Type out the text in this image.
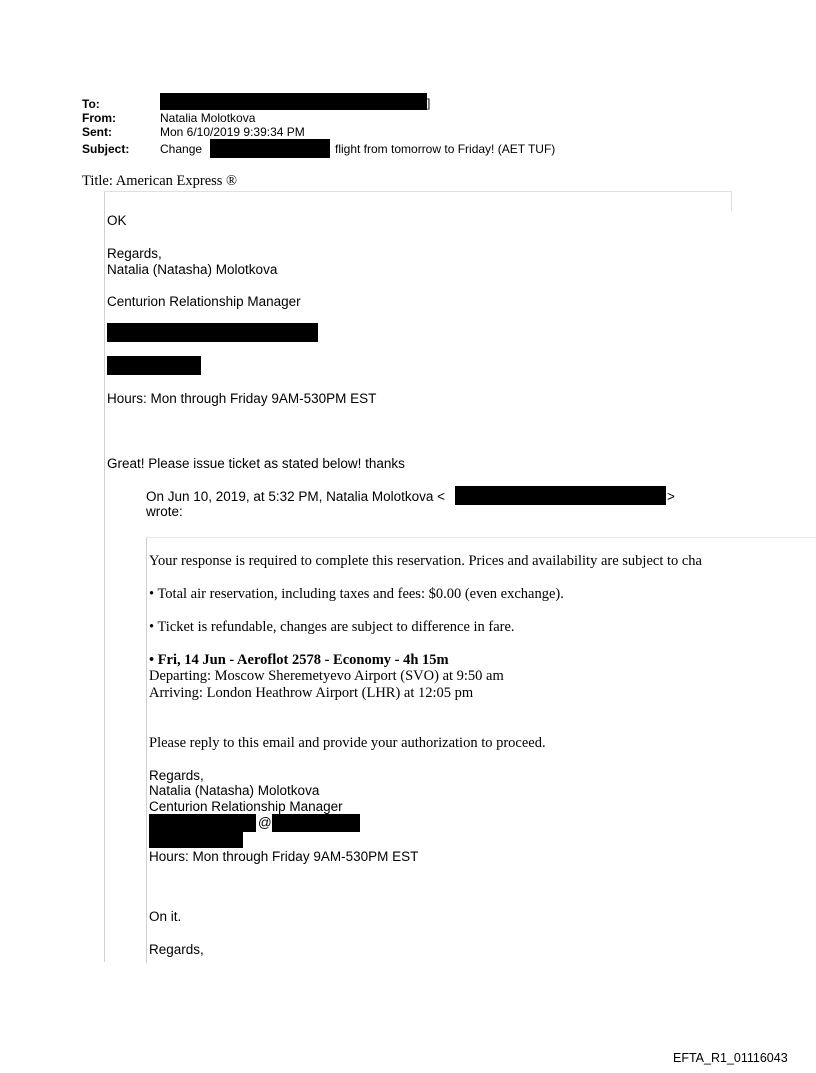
To:	]
From:	Natalia Molotkova
Sent:	Mon 6/10/2019 9:39:34 PM
Subject:	Change	flight from tomorrow to Friday! (AET TUF)
Title: American Express ®
OK
Regards,
Natalia (Natasha) Molotkova
Centurion Relationship Manager
Hours: Mon through Friday 9AM-530PM EST
Great! Please issue ticket as stated below! thanks
On Jun 10, 2019, at 5:32 PM, Natalia Molotkova <	>
wrote:
Your response is required to complete this reservation. Prices and availability are subject to cha
• Total air reservation, including taxes and fees: $0.00 (even exchange).
• Ticket is refundable, changes are subject to difference in fare.
• Fri, 14 Jun - Aeroflot 2578 - Economy - 4h 15m
Departing: Moscow Sheremetyevo Airport (SVO) at 9:50 am
Arriving: London Heathrow Airport (LHR) at 12:05 pm
Please reply to this email and provide your authorization to proceed.
Regards,
Natalia (Natasha) Molotkova
Centurion Relationship Manager
@
Hours: Mon through Friday 9AM-530PM EST
On it.
Regards,
EFTA_R1_01116043
